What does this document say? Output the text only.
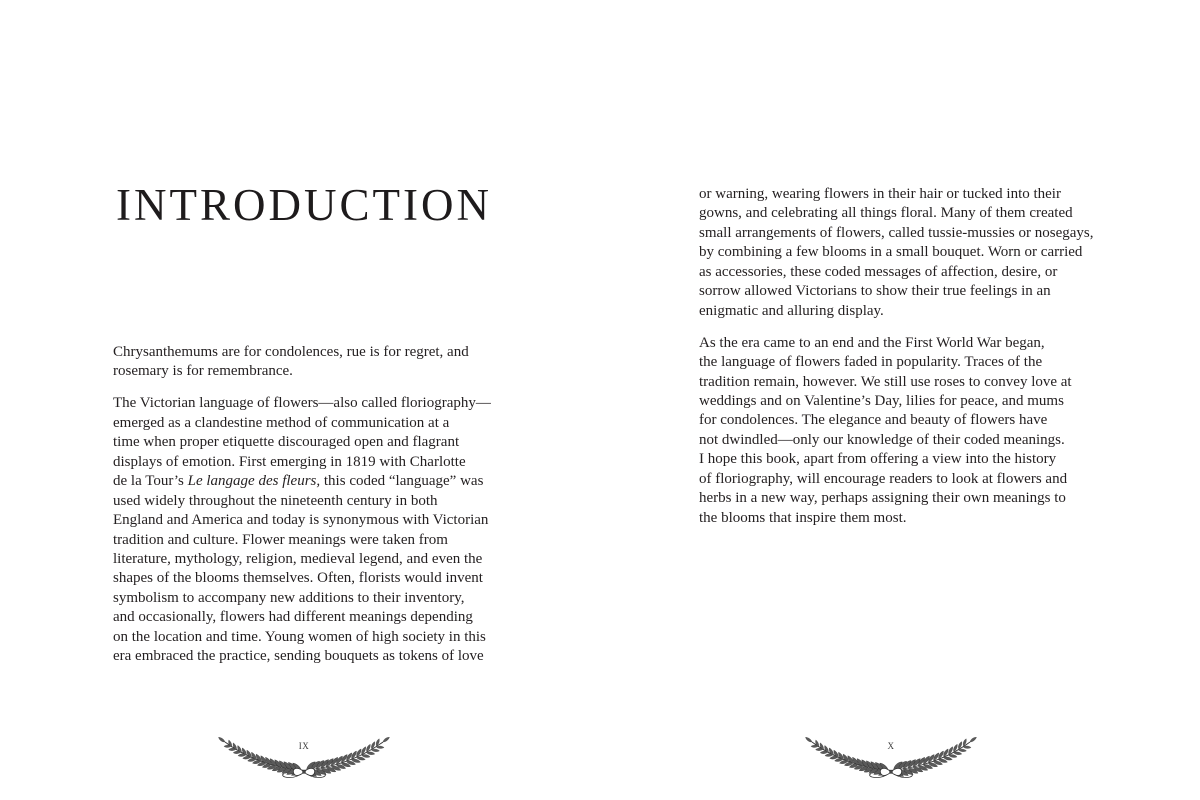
INTRODUCTION
Chrysanthemums are for condolences, rue is for regret, and
rosemary is for remembrance.
The Victorian language of flowers—also called floriography—
emerged as a clandestine method of communication at a
time when proper etiquette discouraged open and flagrant
displays of emotion. First emerging in 1819 with Charlotte
de la Tour’s Le langage des fleurs, this coded “language” was
used widely throughout the nineteenth century in both
England and America and today is synonymous with Victorian
tradition and culture. Flower meanings were taken from
literature, mythology, religion, medieval legend, and even the
shapes of the blooms themselves. Often, florists would invent
symbolism to accompany new additions to their inventory,
and occasionally, flowers had different meanings depending
on the location and time. Young women of high society in this
era embraced the practice, sending bouquets as tokens of love
IX
or warning, wearing flowers in their hair or tucked into their
gowns, and celebrating all things floral. Many of them created
small arrangements of flowers, called tussie-mussies or nosegays,
by combining a few blooms in a small bouquet. Worn or carried
as accessories, these coded messages of affection, desire, or
sorrow allowed Victorians to show their true feelings in an
enigmatic and alluring display.
As the era came to an end and the First World War began,
the language of flowers faded in popularity. Traces of the
tradition remain, however. We still use roses to convey love at
weddings and on Valentine’s Day, lilies for peace, and mums
for condolences. The elegance and beauty of flowers have
not dwindled—only our knowledge of their coded meanings.
I hope this book, apart from offering a view into the history
of floriography, will encourage readers to look at flowers and
herbs in a new way, perhaps assigning their own meanings to
the blooms that inspire them most.
X
